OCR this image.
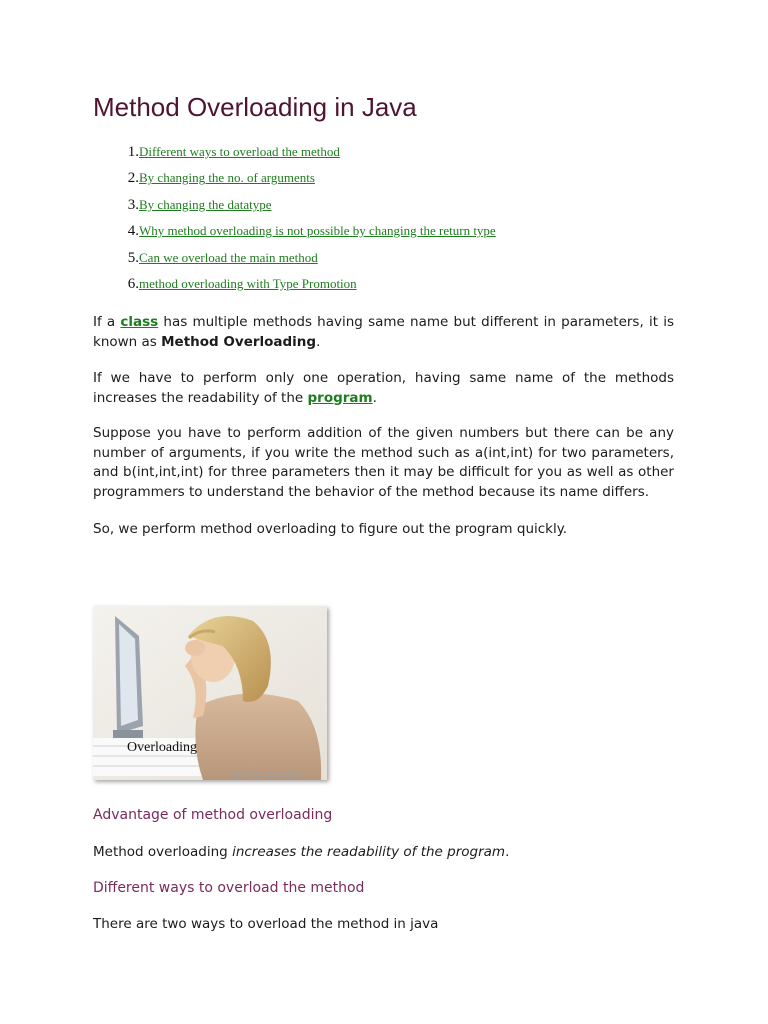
Method Overloading in Java
1. Different ways to overload the method
2. By changing the no. of arguments
3. By changing the datatype
4. Why method overloading is not possible by changing the return type
5. Can we overload the main method
6. method overloading with Type Promotion

If a class has multiple methods having same name but different in parameters, it is known as Method Overloading.

If we have to perform only one operation, having same name of the methods increases the readability of the program.

Suppose you have to perform addition of the given numbers but there can be any number of arguments, if you write the method such as a(int,int) for two parameters, and b(int,int,int) for three parameters then it may be difficult for you as well as other programmers to understand the behavior of the method because its name differs.

So, we perform method overloading to figure out the program quickly.

Overloading
javatpoint.com
Advantage of method overloading
Method overloading increases the readability of the program.
Different ways to overload the method
There are two ways to overload the method in java
